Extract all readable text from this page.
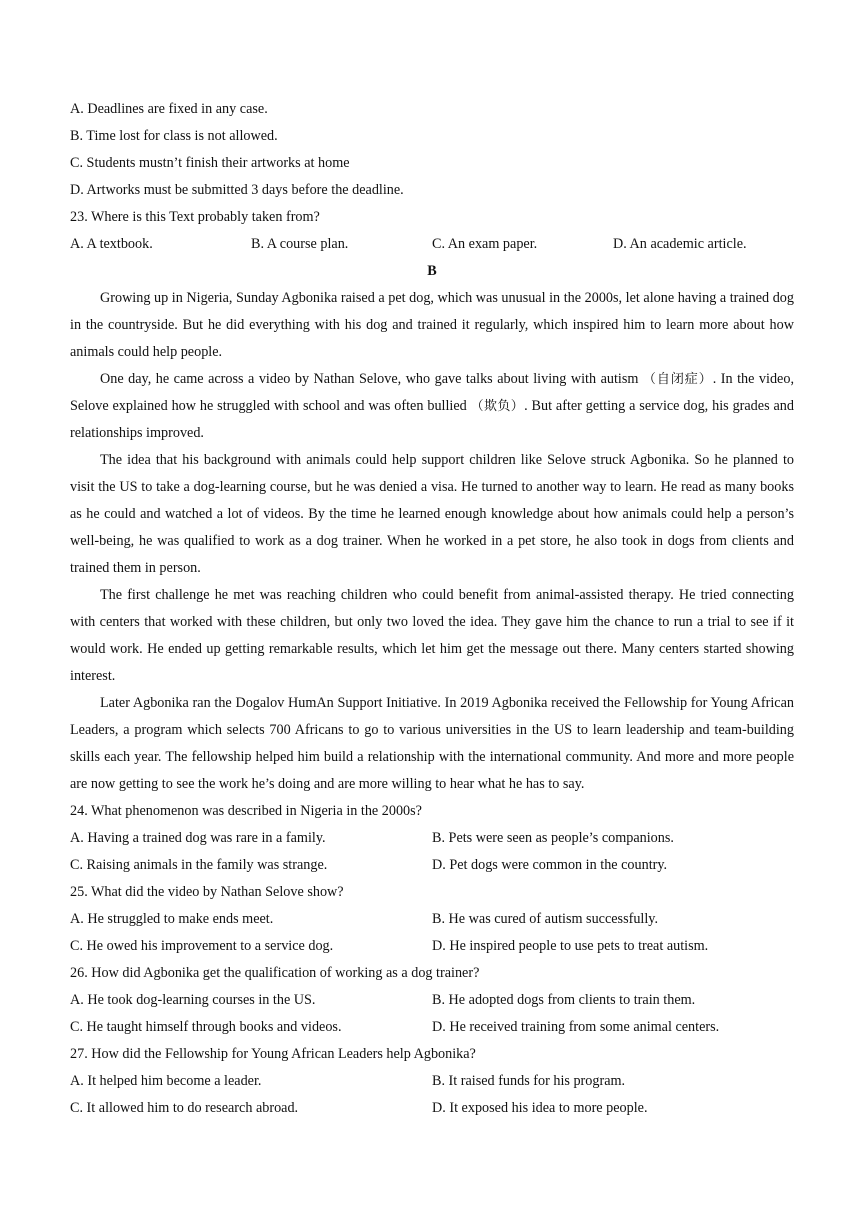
A. Deadlines are fixed in any case.
B. Time lost for class is not allowed.
C. Students mustn’t finish their artworks at home
D. Artworks must be submitted 3 days before the deadline.
23. Where is this Text probably taken from?
A. A textbook.	B. A course plan.	C. An exam paper.	D. An academic article.
B

Growing up in Nigeria, Sunday Agbonika raised a pet dog, which was unusual in the 2000s, let alone having a trained dog in the countryside. But he did everything with his dog and trained it regularly, which inspired him to learn more about how animals could help people.

One day, he came across a video by Nathan Selove, who gave talks about living with autism （自闭症）. In the video, Selove explained how he struggled with school and was often bullied （欺负）. But after getting a service dog, his grades and relationships improved.

The idea that his background with animals could help support children like Selove struck Agbonika. So he planned to visit the US to take a dog-learning course, but he was denied a visa. He turned to another way to learn. He read as many books as he could and watched a lot of videos. By the time he learned enough knowledge about how animals could help a person’s well-being, he was qualified to work as a dog trainer. When he worked in a pet store, he also took in dogs from clients and trained them in person.

The first challenge he met was reaching children who could benefit from animal-assisted therapy. He tried connecting with centers that worked with these children, but only two loved the idea. They gave him the chance to run a trial to see if it would work. He ended up getting remarkable results, which let him get the message out there. Many centers started showing interest.

Later Agbonika ran the Dogalov HumAn Support Initiative. In 2019 Agbonika received the Fellowship for Young African Leaders, a program which selects 700 Africans to go to various universities in the US to learn leadership and team-building skills each year. The fellowship helped him build a relationship with the international community. And more and more people are now getting to see the work he’s doing and are more willing to hear what he has to say.

24. What phenomenon was described in Nigeria in the 2000s?
A. Having a trained dog was rare in a family.	B. Pets were seen as people’s companions.
C. Raising animals in the family was strange.	D. Pet dogs were common in the country.
25. What did the video by Nathan Selove show?
A. He struggled to make ends meet.	B. He was cured of autism successfully.
C. He owed his improvement to a service dog.	D. He inspired people to use pets to treat autism.
26. How did Agbonika get the qualification of working as a dog trainer?
A. He took dog-learning courses in the US.	B. He adopted dogs from clients to train them.
C. He taught himself through books and videos.	D. He received training from some animal centers.
27. How did the Fellowship for Young African Leaders help Agbonika?
A. It helped him become a leader.	B. It raised funds for his program.
C. It allowed him to do research abroad.	D. It exposed his idea to more people.
